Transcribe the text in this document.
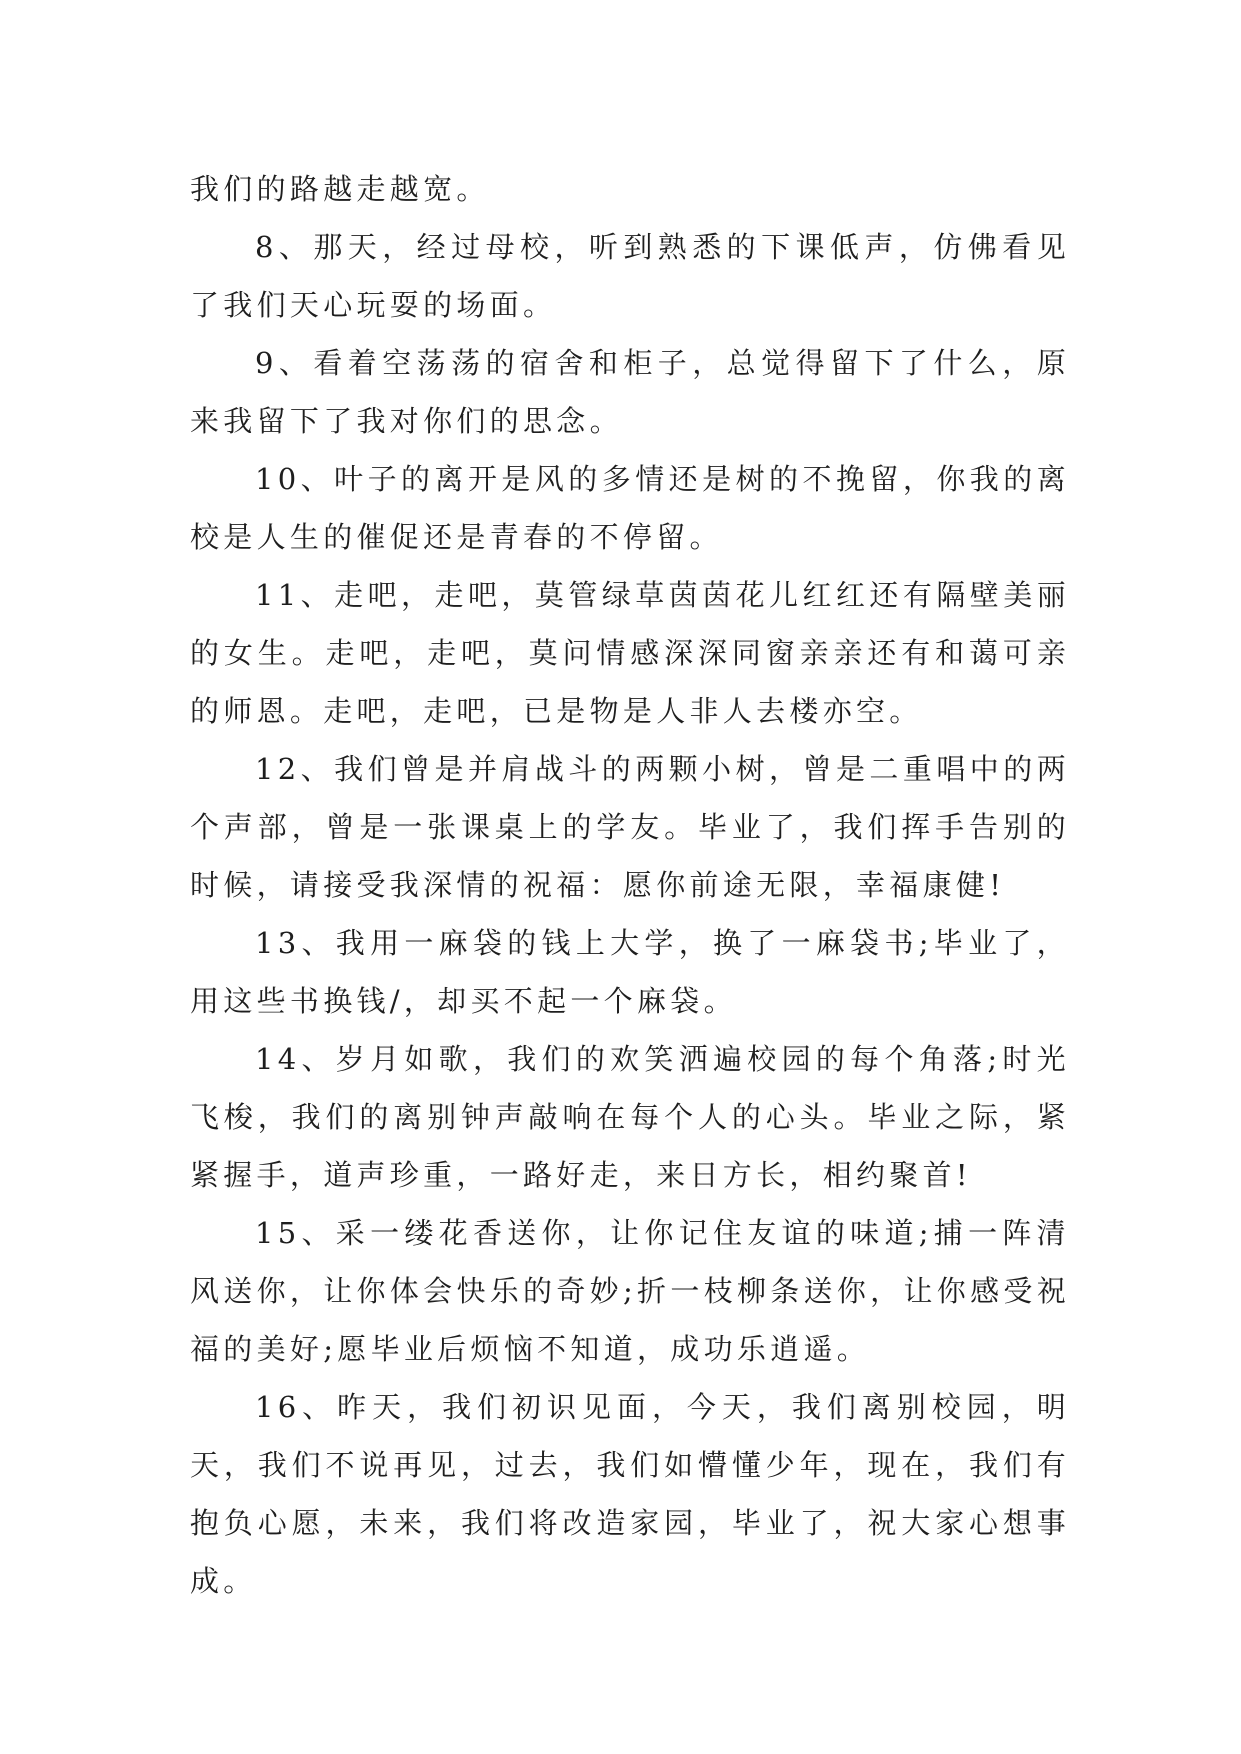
我们的路越走越宽。

8、那天，经过母校，听到熟悉的下课低声，仿佛看见了我们天心玩耍的场面。

9、看着空荡荡的宿舍和柜子，总觉得留下了什么，原来我留下了我对你们的思念。

10、叶子的离开是风的多情还是树的不挽留，你我的离校是人生的催促还是青春的不停留。

11、走吧，走吧，莫管绿草茵茵花儿红红还有隔壁美丽的女生。走吧，走吧，莫问情感深深同窗亲亲还有和蔼可亲的师恩。走吧，走吧，已是物是人非人去楼亦空。

12、我们曾是并肩战斗的两颗小树，曾是二重唱中的两个声部，曾是一张课桌上的学友。毕业了，我们挥手告别的时候，请接受我深情的祝福：愿你前途无限，幸福康健!

13、我用一麻袋的钱上大学，换了一麻袋书;毕业了，用这些书换钱/，却买不起一个麻袋。

14、岁月如歌，我们的欢笑洒遍校园的每个角落;时光飞梭，我们的离别钟声敲响在每个人的心头。毕业之际，紧紧握手，道声珍重，一路好走，来日方长，相约聚首!

15、采一缕花香送你，让你记住友谊的味道;捕一阵清风送你，让你体会快乐的奇妙;折一枝柳条送你，让你感受祝福的美好;愿毕业后烦恼不知道，成功乐逍遥。

16、昨天，我们初识见面，今天，我们离别校园，明天，我们不说再见，过去，我们如懵懂少年，现在，我们有抱负心愿，未来，我们将改造家园，毕业了，祝大家心想事成。
